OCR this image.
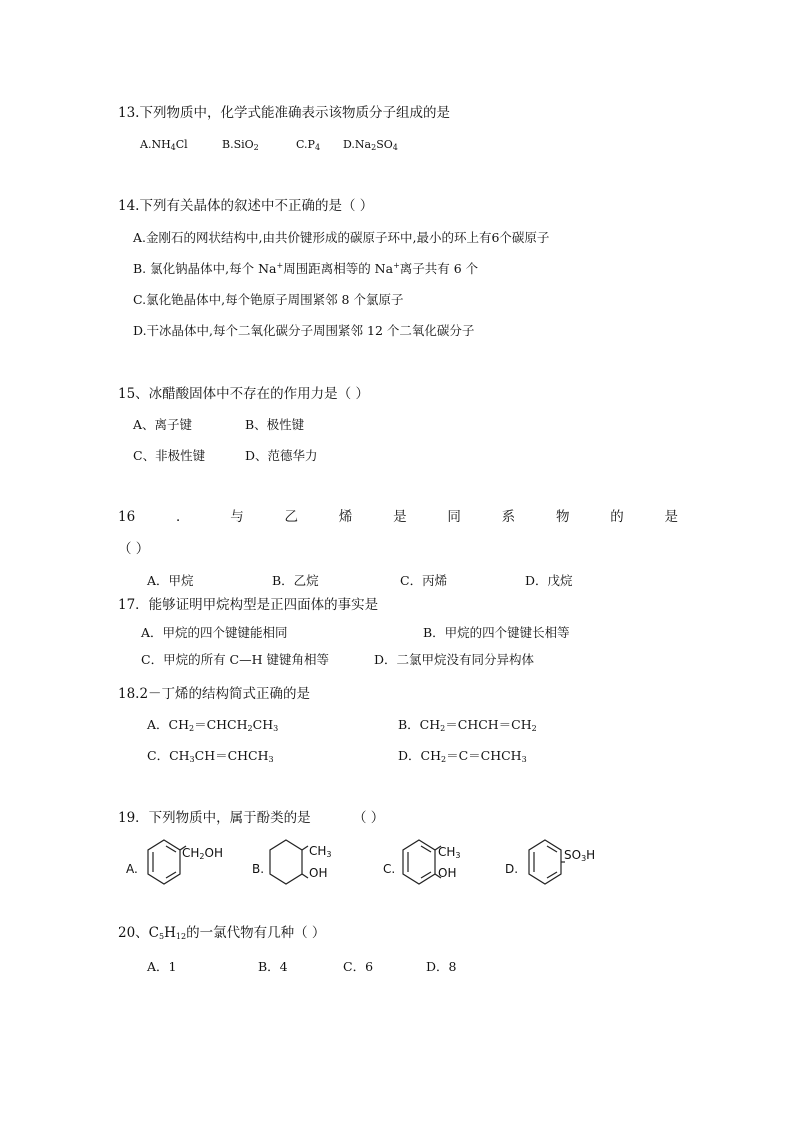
13.下列物质中，化学式能准确表示该物质分子组成的是
$A.NH_4Cl$	B.SiO$_2$	$C.P_4$ $D.Na_2SO_4$
14.下列有关晶体的叙述中不正确的是（ ）
A.金刚石的网状结构中,由共价键形成的碳原子环中,最小的环上有6个碳原子
B. 氯化钠晶体中,每个 Na+周围距离相等的 Na+离子共有 6 个
C.氯化铯晶体中,每个铯原子周围紧邻 8 个氯原子
D.干冰晶体中,每个二氧化碳分子周围紧邻 12 个二氧化碳分子
15、冰醋酸固体中不存在的作用力是（ ）
A、离子键	B、极性键
C、非极性键	D、范德华力
16	．	与	乙	烯	是	同	系	物	的	是
（ ）
A．甲烷	B．乙烷	C．丙烯	D．戊烷
17．能够证明甲烷构型是正四面体的事实是
A．甲烷的四个键键能相同	B．甲烷的四个键键长相等
C．甲烷的所有 C—H 键键角相等	D．二氯甲烷没有同分异构体
18.2－丁烯的结构简式正确的是
A．$CH_2=CHCH_2CH_3$	B．$CH_2=CHCH=CH_2$
C．$CH_3CH=CHCH_3$	D．$CH_2=C=CHCH_3$
19．下列物质中，属于酚类的是	（ ）
A.
$CH_2OH$
B.
$CH_3$
OH	C.
$CH_3$
OH	D.
$SO_3H$
20、$C_5H_{12}$的一氯代物有几种（ ）
A．1	B．4	C．6	D．8
